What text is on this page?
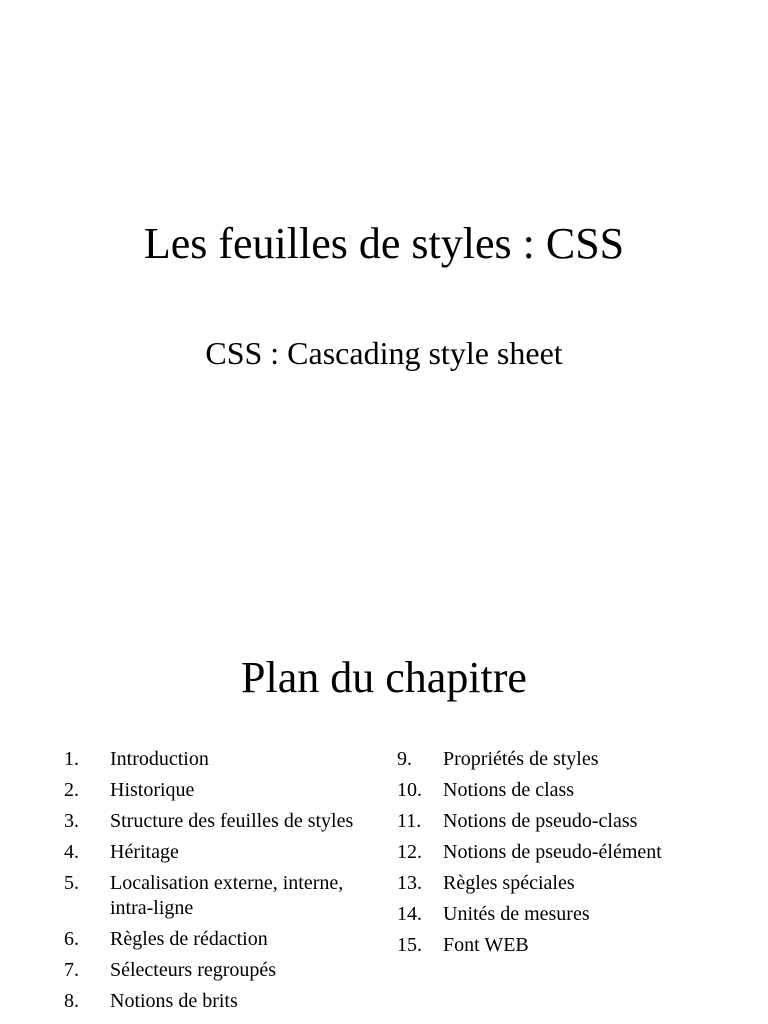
Les feuilles de styles : CSS
CSS : Cascading style sheet
Plan du chapitre
1.	Introduction
2.	Historique
3.	Structure des feuilles de styles
4.	Héritage
5.	Localisation externe, interne, intra-ligne
6.	Règles de rédaction
7.	Sélecteurs regroupés
8.	Notions de brits
9.	Propriétés de styles
10.	Notions de class
11.	Notions de pseudo-class
12.	Notions de pseudo-élément
13.	Règles spéciales
14.	Unités de mesures
15.	Font WEB
